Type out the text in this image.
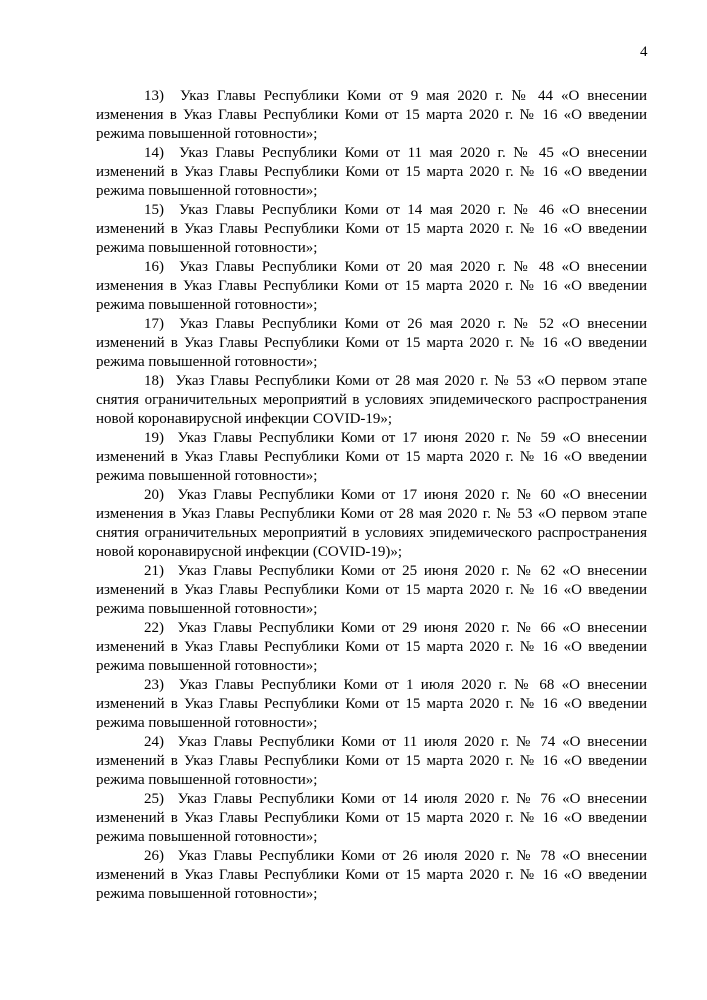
4

13)  Указ Главы Республики Коми от 9 мая 2020 г. № 44 «О внесении изменения в Указ Главы Республики Коми от 15 марта 2020 г. № 16 «О введении режима повышенной готовности»;

14)  Указ Главы Республики Коми от 11 мая 2020 г. № 45 «О внесении изменений в Указ Главы Республики Коми от 15 марта 2020 г. № 16 «О введении режима повышенной готовности»;

15)  Указ Главы Республики Коми от 14 мая 2020 г. № 46 «О внесении изменений в Указ Главы Республики Коми от 15 марта 2020 г. № 16 «О введении режима повышенной готовности»;

16)  Указ Главы Республики Коми от 20 мая 2020 г. № 48 «О внесении изменения в Указ Главы Республики Коми от 15 марта 2020 г. № 16 «О введении режима повышенной готовности»;

17)  Указ Главы Республики Коми от 26 мая 2020 г. № 52 «О внесении изменений в Указ Главы Республики Коми от 15 марта 2020 г. № 16 «О введении режима повышенной готовности»;

18)  Указ Главы Республики Коми от 28 мая 2020 г. № 53 «О первом этапе снятия ограничительных мероприятий в условиях эпидемического распространения новой коронавирусной инфекции COVID-19»;

19)  Указ Главы Республики Коми от 17 июня 2020 г. № 59 «О внесении изменений в Указ Главы Республики Коми от 15 марта 2020 г. № 16 «О введении режима повышенной готовности»;

20)  Указ Главы Республики Коми от 17 июня 2020 г. № 60 «О внесении изменения в Указ Главы Республики Коми от 28 мая 2020 г. № 53 «О первом этапе снятия ограничительных мероприятий в условиях эпидемического распространения новой коронавирусной инфекции (COVID-19)»;

21)  Указ Главы Республики Коми от 25 июня 2020 г. № 62 «О внесении изменений в Указ Главы Республики Коми от 15 марта 2020 г. № 16 «О введении режима повышенной готовности»;

22)  Указ Главы Республики Коми от 29 июня 2020 г. № 66 «О внесении изменений в Указ Главы Республики Коми от 15 марта 2020 г. № 16 «О введении режима повышенной готовности»;

23)  Указ Главы Республики Коми от 1 июля 2020 г. № 68 «О внесении изменений в Указ Главы Республики Коми от 15 марта 2020 г. № 16 «О введении режима повышенной готовности»;

24)  Указ Главы Республики Коми от 11 июля 2020 г. № 74 «О внесении изменений в Указ Главы Республики Коми от 15 марта 2020 г. № 16 «О введении режима повышенной готовности»;

25)  Указ Главы Республики Коми от 14 июля 2020 г. № 76 «О внесении изменений в Указ Главы Республики Коми от 15 марта 2020 г. № 16 «О введении режима повышенной готовности»;

26)  Указ Главы Республики Коми от 26 июля 2020 г. № 78 «О внесении изменений в Указ Главы Республики Коми от 15 марта 2020 г. № 16 «О введении режима повышенной готовности»;
